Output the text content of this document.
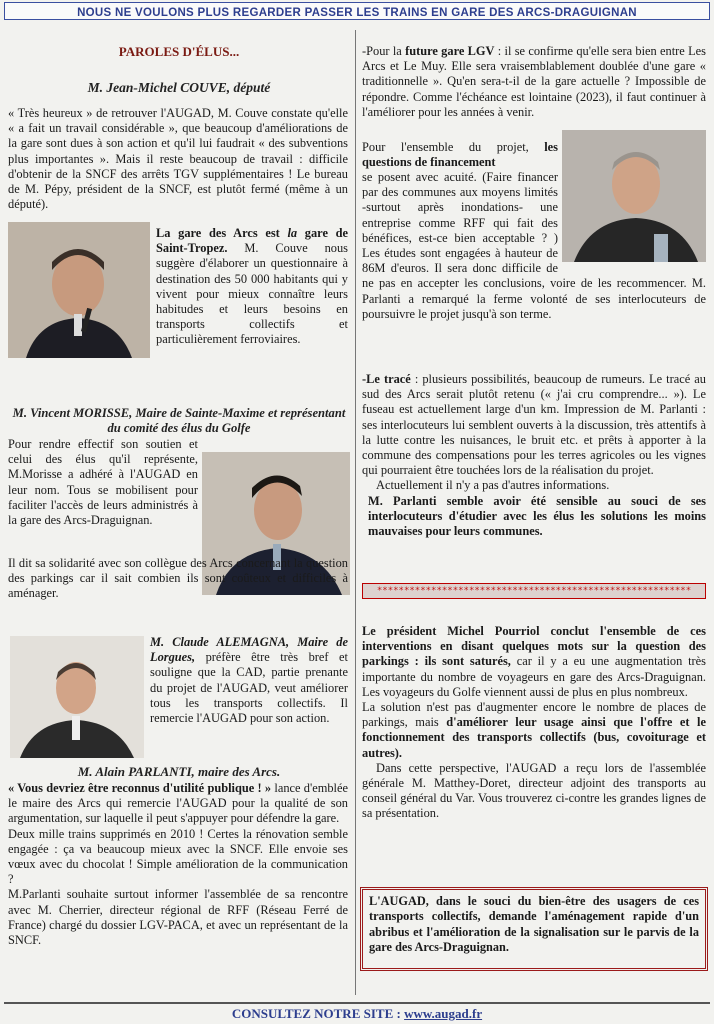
NOUS NE VOULONS PLUS REGARDER PASSER LES TRAINS EN GARE DES ARCS-DRAGUIGNAN
PAROLES D'ÉLUS...

M. Jean-Michel COUVE, député

« Très heureux » de retrouver l'AUGAD, M. Couve constate qu'elle « a fait un travail considérable », que beaucoup d'améliorations de la gare sont dues à son action et qu'il lui faudrait « des subventions plus importantes ». Mais il reste beaucoup de travail : difficile d'obtenir de la SNCF des arrêts TGV supplémentaires ! Le bureau de M. Pépy, président de la SNCF, est plutôt fermé (même à un député).

La gare des Arcs est la gare de Saint-Tropez. M. Couve nous suggère d'élaborer un questionnaire à destination des 50 000 habitants qui y vivent pour mieux connaître leurs habitudes et leurs besoins en transports collectifs et particulièrement ferroviaires.

M. Vincent MORISSE, Maire de Sainte-Maxime et représentant du comité des élus du Golfe

Pour rendre effectif son soutien et celui des élus qu'il représente, M.Morisse a adhéré à l'AUGAD en leur nom. Tous se mobilisent pour faciliter l'accès de leurs administrés à la gare des Arcs-Draguignan.

Il dit sa solidarité avec son collègue des Arcs concernant la question des parkings car il sait combien ils sont coûteux et difficiles à aménager.

M. Claude ALEMAGNA, Maire de Lorgues, préfère être très bref et souligne que la CAD, partie prenante du projet de l'AUGAD, veut améliorer tous les transports collectifs. Il remercie l'AUGAD pour son action.

M. Alain PARLANTI, maire des Arcs.

« Vous devriez être reconnus d'utilité publique ! » lance d'emblée le maire des Arcs qui remercie l'AUGAD pour la qualité de son argumentation, sur laquelle il peut s'appuyer pour défendre la gare.

Deux mille trains supprimés en 2010 ! Certes la rénovation semble engagée : ça va beaucoup mieux avec la SNCF. Elle envoie ses vœux avec du chocolat ! Simple amélioration de la communication ?

M.Parlanti souhaite surtout informer l'assemblée de sa rencontre avec M. Cherrier, directeur régional de RFF (Réseau Ferré de France) chargé du dossier LGV-PACA, et avec un représentant de la SNCF.

-Pour la future gare LGV : il se confirme qu'elle sera bien entre Les Arcs et Le Muy. Elle sera vraisemblablement doublée d'une gare « traditionnelle ». Qu'en sera-t-il de la gare actuelle ? Impossible de répondre. Comme l'échéance est lointaine (2023), il faut continuer à l'améliorer pour les années à venir.

Pour l'ensemble du projet, les questions de financement

se posent avec acuité. (Faire financer par des communes aux moyens limités -surtout après inondations- une entreprise comme RFF qui fait des bénéfices, est-ce bien acceptable ? ) Les études sont engagées à hauteur de 86M d'euros. Il sera donc difficile de ne pas en accepter les conclusions, voire de les recommencer. M. Parlanti a remarqué la ferme volonté de ses interlocuteurs de poursuivre le projet jusqu'à son terme.

-Le tracé : plusieurs possibilités, beaucoup de rumeurs. Le tracé au sud des Arcs serait plutôt retenu (« j'ai cru comprendre... »). Le fuseau est actuellement large d'un km. Impression de M. Parlanti : ses interlocuteurs lui semblent ouverts à la discussion, très attentifs à la lutte contre les nuisances, le bruit etc. et prêts à apporter à la commune des compensations pour les terres agricoles ou les vignes qui pourraient être touchées lors de la réalisation du projet.

Actuellement il n'y a pas d'autres informations.

M. Parlanti semble avoir été sensible au souci de ses interlocuteurs d'étudier avec les élus les solutions les moins mauvaises pour leurs communes.

**********************************************************

Le président Michel Pourriol conclut l'ensemble de ces interventions en disant quelques mots sur la question des parkings : ils sont saturés, car il y a eu une augmentation très importante du nombre de voyageurs en gare des Arcs-Draguignan. Les voyageurs du Golfe viennent aussi de plus en plus nombreux.

La solution n'est pas d'augmenter encore le nombre de places de parkings, mais d'améliorer leur usage ainsi que l'offre et le fonctionnement des transports collectifs (bus, covoiturage et autres).

Dans cette perspective, l'AUGAD a reçu lors de l'assemblée générale M. Matthey-Doret, directeur adjoint des transports au conseil général du Var. Vous trouverez ci-contre les grandes lignes de sa présentation.

L'AUGAD, dans le souci du bien-être des usagers de ces transports collectifs, demande l'aménagement rapide d'un abribus et l'amélioration de la signalisation sur le parvis de la gare des Arcs-Draguignan.
CONSULTEZ NOTRE SITE : www.augad.fr
